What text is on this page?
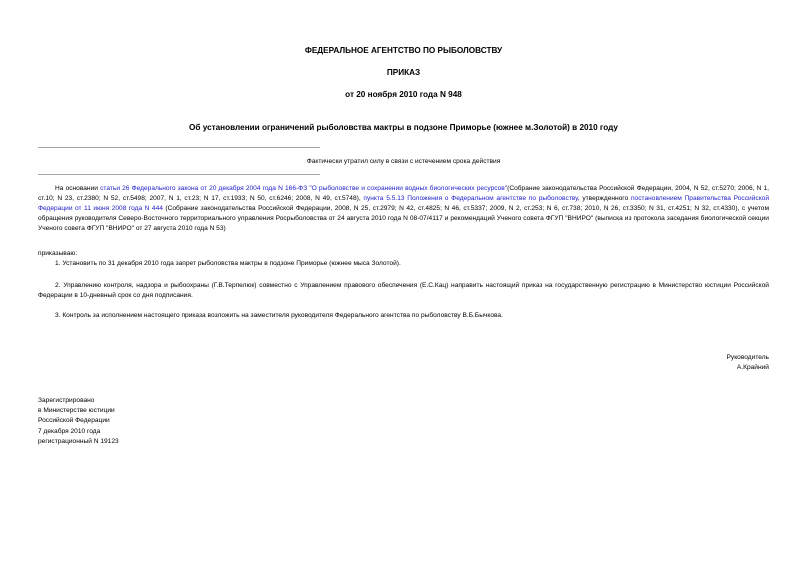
ФЕДЕРАЛЬНОЕ АГЕНТСТВО ПО РЫБОЛОВСТВУ
ПРИКАЗ
от 20 ноября 2010 года N 948
Об установлении ограничений рыболовства мактры в подзоне Приморье (южнее м.Золотой) в 2010 году
Фактически утратил силу в связи с истечением срока действия
На основании статьи 26 Федерального закона от 20 декабря 2004 года N 166-ФЗ "О рыболовстве и сохранении водных биологических ресурсов"(Собрание законодательства Российской Федерации, 2004, N 52, ст.5270; 2006, N 1, ст.10; N 23, ст.2380; N 52, ст.5498; 2007, N 1, ст.23; N 17, ст.1933; N 50, ст.6246; 2008, N 49, ст.5748), пункта 5.5.13 Положения о Федеральном агентстве по рыболовству, утвержденного постановлением Правительства Российской Федерации от 11 июня 2008 года N 444 (Собрание законодательства Российской Федерации, 2008, N 25, ст.2979; N 42, ст.4825; N 46, ст.5337; 2009, N 2, ст.253; N 6, ст.738; 2010, N 26, ст.3350; N 31, ст.4251; N 32, ст.4330), с учетом обращения руководителя Северо-Восточного территориального управления Росрыболовства от 24 августа 2010 года N 08-07/4117 и рекомендаций Ученого совета ФГУП "ВНИРО" (выписка из протокола заседания биологической секции Ученого совета ФГУП "ВНИРО" от 27 августа 2010 года N 53)
приказываю:
1. Установить по 31 декабря 2010 года запрет рыболовства мактры в подзоне Приморье (южнее мыса Золотой).
2. Управлению контроля, надзора и рыбоохраны (Г.В.Терпелюк) совместно с Управлением правового обеспечения (Е.С.Кац) направить настоящий приказ на государственную регистрацию в Министерство юстиции Российской Федерации в 10-дневный срок со дня подписания.
3. Контроль за исполнением настоящего приказа возложить на заместителя руководителя Федерального агентства по рыболовству В.Б.Бычкова.
Руководитель
А.Крайний
Зарегистрировано
в Министерстве юстиции
Российской Федерации
7 декабря 2010 года
регистрационный N 19123
